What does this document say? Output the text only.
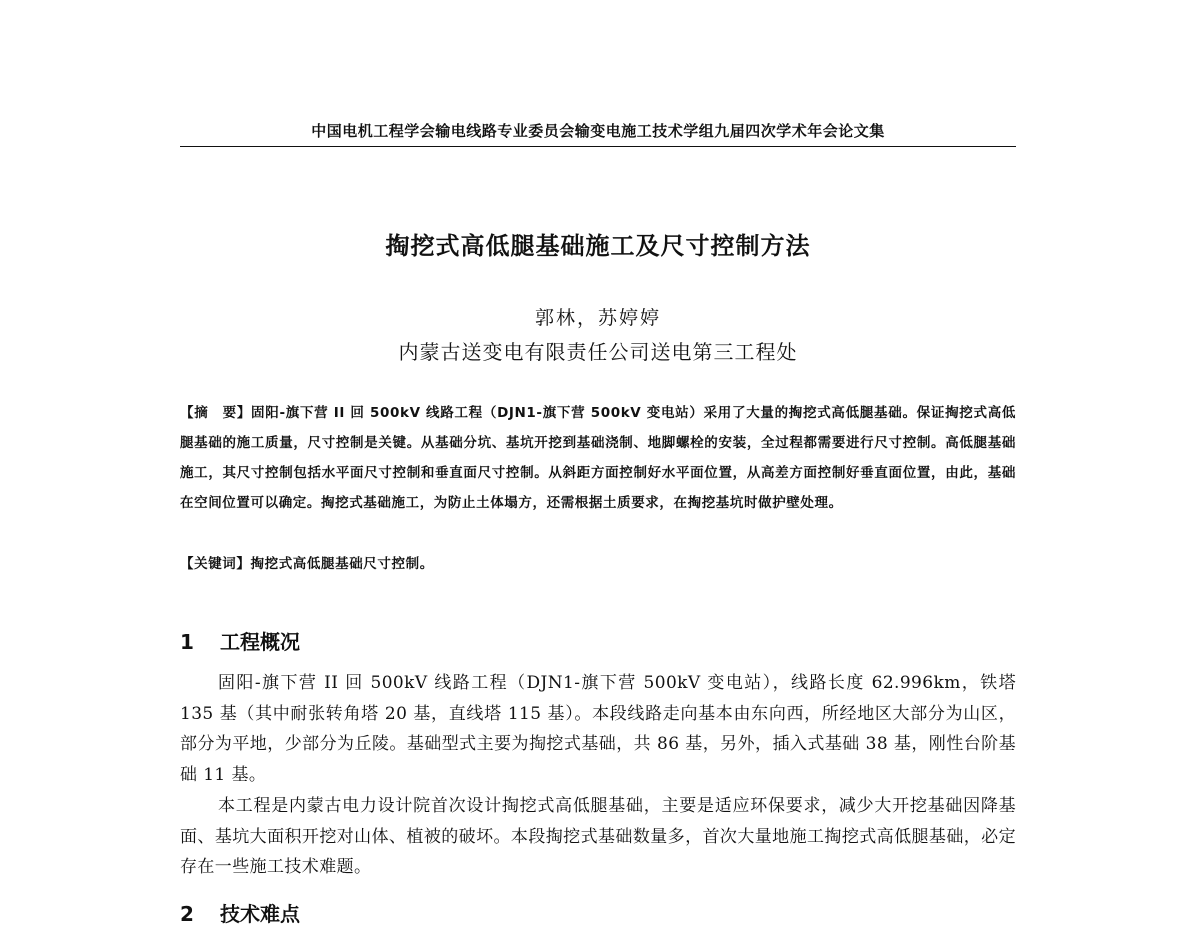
中国电机工程学会输电线路专业委员会输变电施工技术学组九届四次学术年会论文集
掏挖式高低腿基础施工及尺寸控制方法
郭林，苏婷婷
内蒙古送变电有限责任公司送电第三工程处
【摘　要】固阳-旗下营 II 回 500kV 线路工程（DJN1-旗下营 500kV 变电站）采用了大量的掏挖式高低腿基础。保证掏挖式高低腿基础的施工质量，尺寸控制是关键。从基础分坑、基坑开挖到基础浇制、地脚螺栓的安装，全过程都需要进行尺寸控制。高低腿基础施工，其尺寸控制包括水平面尺寸控制和垂直面尺寸控制。从斜距方面控制好水平面位置，从高差方面控制好垂直面位置，由此，基础在空间位置可以确定。掏挖式基础施工，为防止土体塌方，还需根据土质要求，在掏挖基坑时做护壁处理。
【关键词】掏挖式高低腿基础尺寸控制。
1 工程概况
固阳-旗下营 II 回 500kV 线路工程（DJN1-旗下营 500kV 变电站），线路长度 62.996km，铁塔 135 基（其中耐张转角塔 20 基，直线塔 115 基）。本段线路走向基本由东向西，所经地区大部分为山区，部分为平地，少部分为丘陵。基础型式主要为掏挖式基础，共 86 基，另外，插入式基础 38 基，刚性台阶基础 11 基。
本工程是内蒙古电力设计院首次设计掏挖式高低腿基础，主要是适应环保要求，减少大开挖基础因降基面、基坑大面积开挖对山体、植被的破坏。本段掏挖式基础数量多，首次大量地施工掏挖式高低腿基础，必定存在一些施工技术难题。
2 技术难点
